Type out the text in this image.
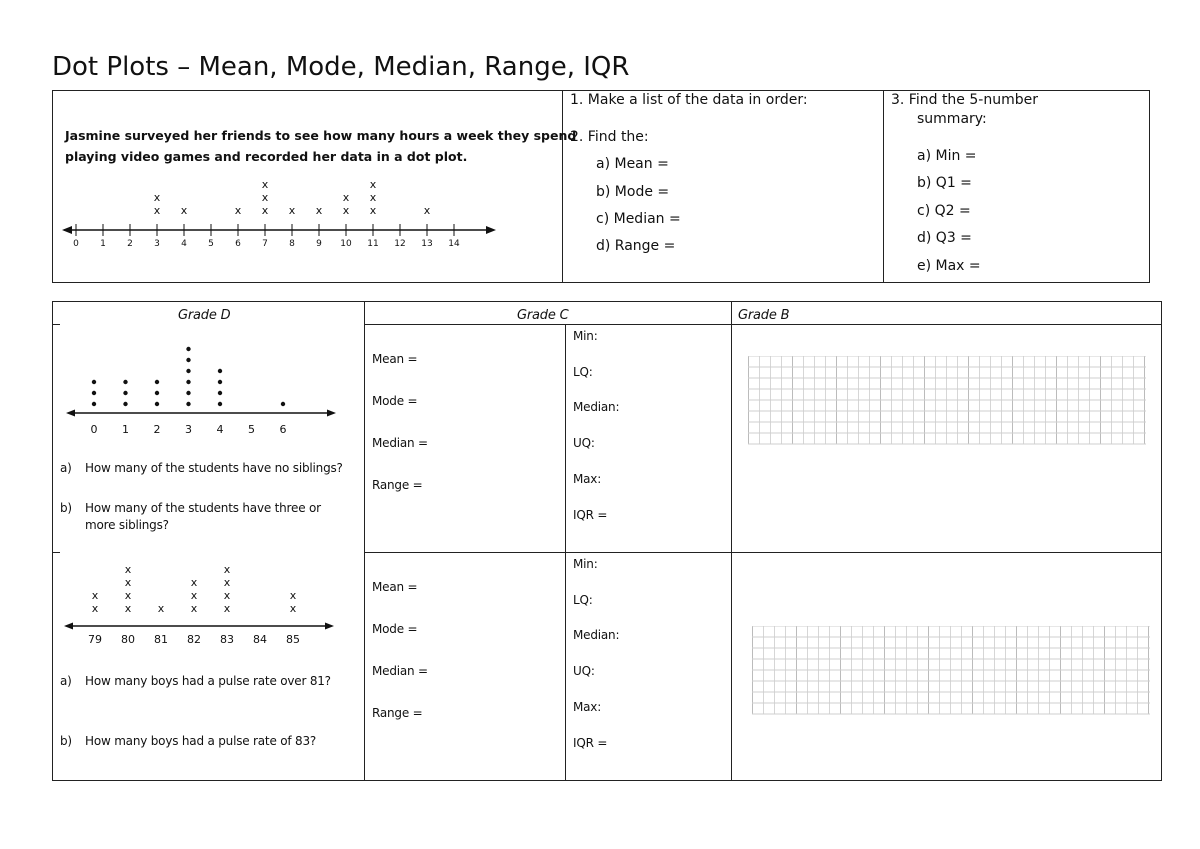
Dot Plots – Mean, Mode, Median, Range, IQR
Jasmine surveyed her friends to see how many hours a week they spend
playing video games and recorded her data in a dot plot.
0 1 2 3
x
x
4
x
5 6
x
7
x
x
x
8
x
9
x
10
x
x
11
x
x
x
12 13
x
14
1. Make a list of the data in order:
2. Find the:
a) Mean =
b) Mode =
c) Median =
d) Range =
3. Find the 5-number
summary:
a) Min =
b) Q1 =
c) Q2 =
d) Q3 =
e) Max =
Grade D	Grade C	Grade B
0 1 2 3 4 5 6
a) How many of the students have no siblings?
b) How many of the students have three or
more siblings?
79
x
x
80
x
x
x
x
81
x
82
x
x
x
83
x
x
x
x
84 85
x
x
a) How many boys had a pulse rate over 81?
b) How many boys had a pulse rate of 83?
Mean =
Mode =
Median =
Range =
Min:
LQ:
Median:
UQ:
Max:
IQR =
Mean =
Mode =
Median =
Range =
Min:
LQ:
Median:
UQ:
Max:
IQR =
